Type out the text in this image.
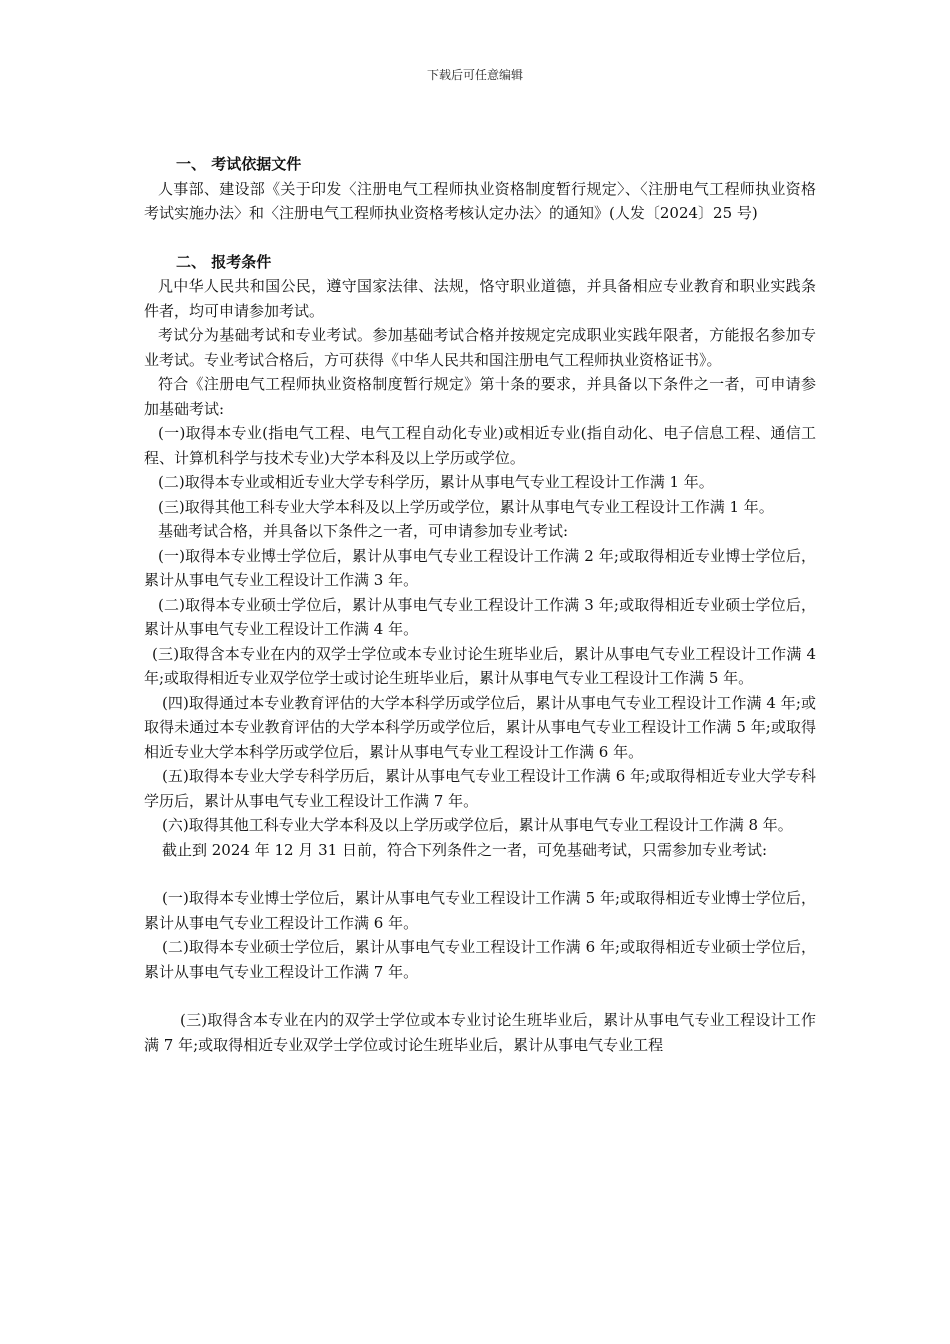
下载后可任意编辑

一、 考试依据文件

人事部、建设部《关于印发〈注册电气工程师执业资格制度暂行规定〉、〈注册电气工程师执业资格考试实施办法〉和〈注册电气工程师执业资格考核认定办法〉的通知》(人发〔2024〕25 号)

二、 报考条件

凡中华人民共和国公民，遵守国家法律、法规，恪守职业道德，并具备相应专业教育和职业实践条件者，均可申请参加考试。

考试分为基础考试和专业考试。参加基础考试合格并按规定完成职业实践年限者，方能报名参加专业考试。专业考试合格后，方可获得《中华人民共和国注册电气工程师执业资格证书》。

符合《注册电气工程师执业资格制度暂行规定》第十条的要求，并具备以下条件之一者，可申请参加基础考试:

(一)取得本专业(指电气工程、电气工程自动化专业)或相近专业(指自动化、电子信息工程、通信工程、计算机科学与技术专业)大学本科及以上学历或学位。

(二)取得本专业或相近专业大学专科学历，累计从事电气专业工程设计工作满 1 年。

(三)取得其他工科专业大学本科及以上学历或学位，累计从事电气专业工程设计工作满 1 年。

基础考试合格，并具备以下条件之一者，可申请参加专业考试:

(一)取得本专业博士学位后，累计从事电气专业工程设计工作满 2 年;或取得相近专业博士学位后，累计从事电气专业工程设计工作满 3 年。

(二)取得本专业硕士学位后，累计从事电气专业工程设计工作满 3 年;或取得相近专业硕士学位后，累计从事电气专业工程设计工作满 4 年。

(三)取得含本专业在内的双学士学位或本专业讨论生班毕业后，累计从事电气专业工程设计工作满 4 年;或取得相近专业双学位学士或讨论生班毕业后，累计从事电气专业工程设计工作满 5 年。

(四)取得通过本专业教育评估的大学本科学历或学位后，累计从事电气专业工程设计工作满 4 年;或取得未通过本专业教育评估的大学本科学历或学位后，累计从事电气专业工程设计工作满 5 年;或取得相近专业大学本科学历或学位后，累计从事电气专业工程设计工作满 6 年。

(五)取得本专业大学专科学历后，累计从事电气专业工程设计工作满 6 年;或取得相近专业大学专科学历后，累计从事电气专业工程设计工作满 7 年。

(六)取得其他工科专业大学本科及以上学历或学位后，累计从事电气专业工程设计工作满 8 年。

截止到 2024 年 12 月 31 日前，符合下列条件之一者，可免基础考试，只需参加专业考试:

(一)取得本专业博士学位后，累计从事电气专业工程设计工作满 5 年;或取得相近专业博士学位后，累计从事电气专业工程设计工作满 6 年。

(二)取得本专业硕士学位后，累计从事电气专业工程设计工作满 6 年;或取得相近专业硕士学位后，累计从事电气专业工程设计工作满 7 年。

(三)取得含本专业在内的双学士学位或本专业讨论生班毕业后，累计从事电气专业工程设计工作满 7 年;或取得相近专业双学士学位或讨论生班毕业后，累计从事电气专业工程
